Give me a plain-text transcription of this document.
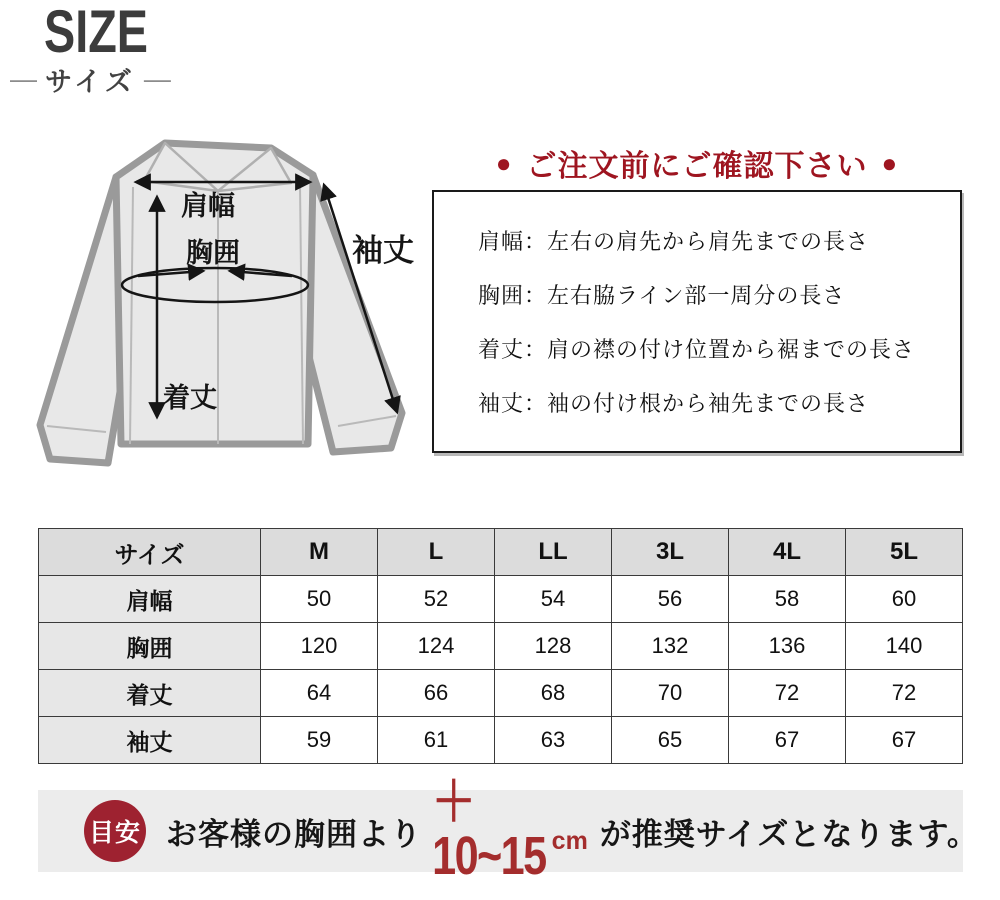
SIZE
― サイズ ―
肩幅
胸囲
着丈
袖丈
● ご注文前にご確認下さい ●
肩幅：左右の肩先から肩先までの長さ
胸囲：左右脇ライン部一周分の長さ
着丈：肩の襟の付け位置から裾までの長さ
袖丈：袖の付け根から袖先までの長さ
サイズ	M	L	LL	3L	4L	5L
肩幅	50	52	54	56	58	60
胸囲	120	124	128	132	136	140
着丈	64	66	68	70	72	72
袖丈	59	61	63	65	67	67
目安 お客様の胸囲より
＋10~15 cm が推奨サイズとなります。
